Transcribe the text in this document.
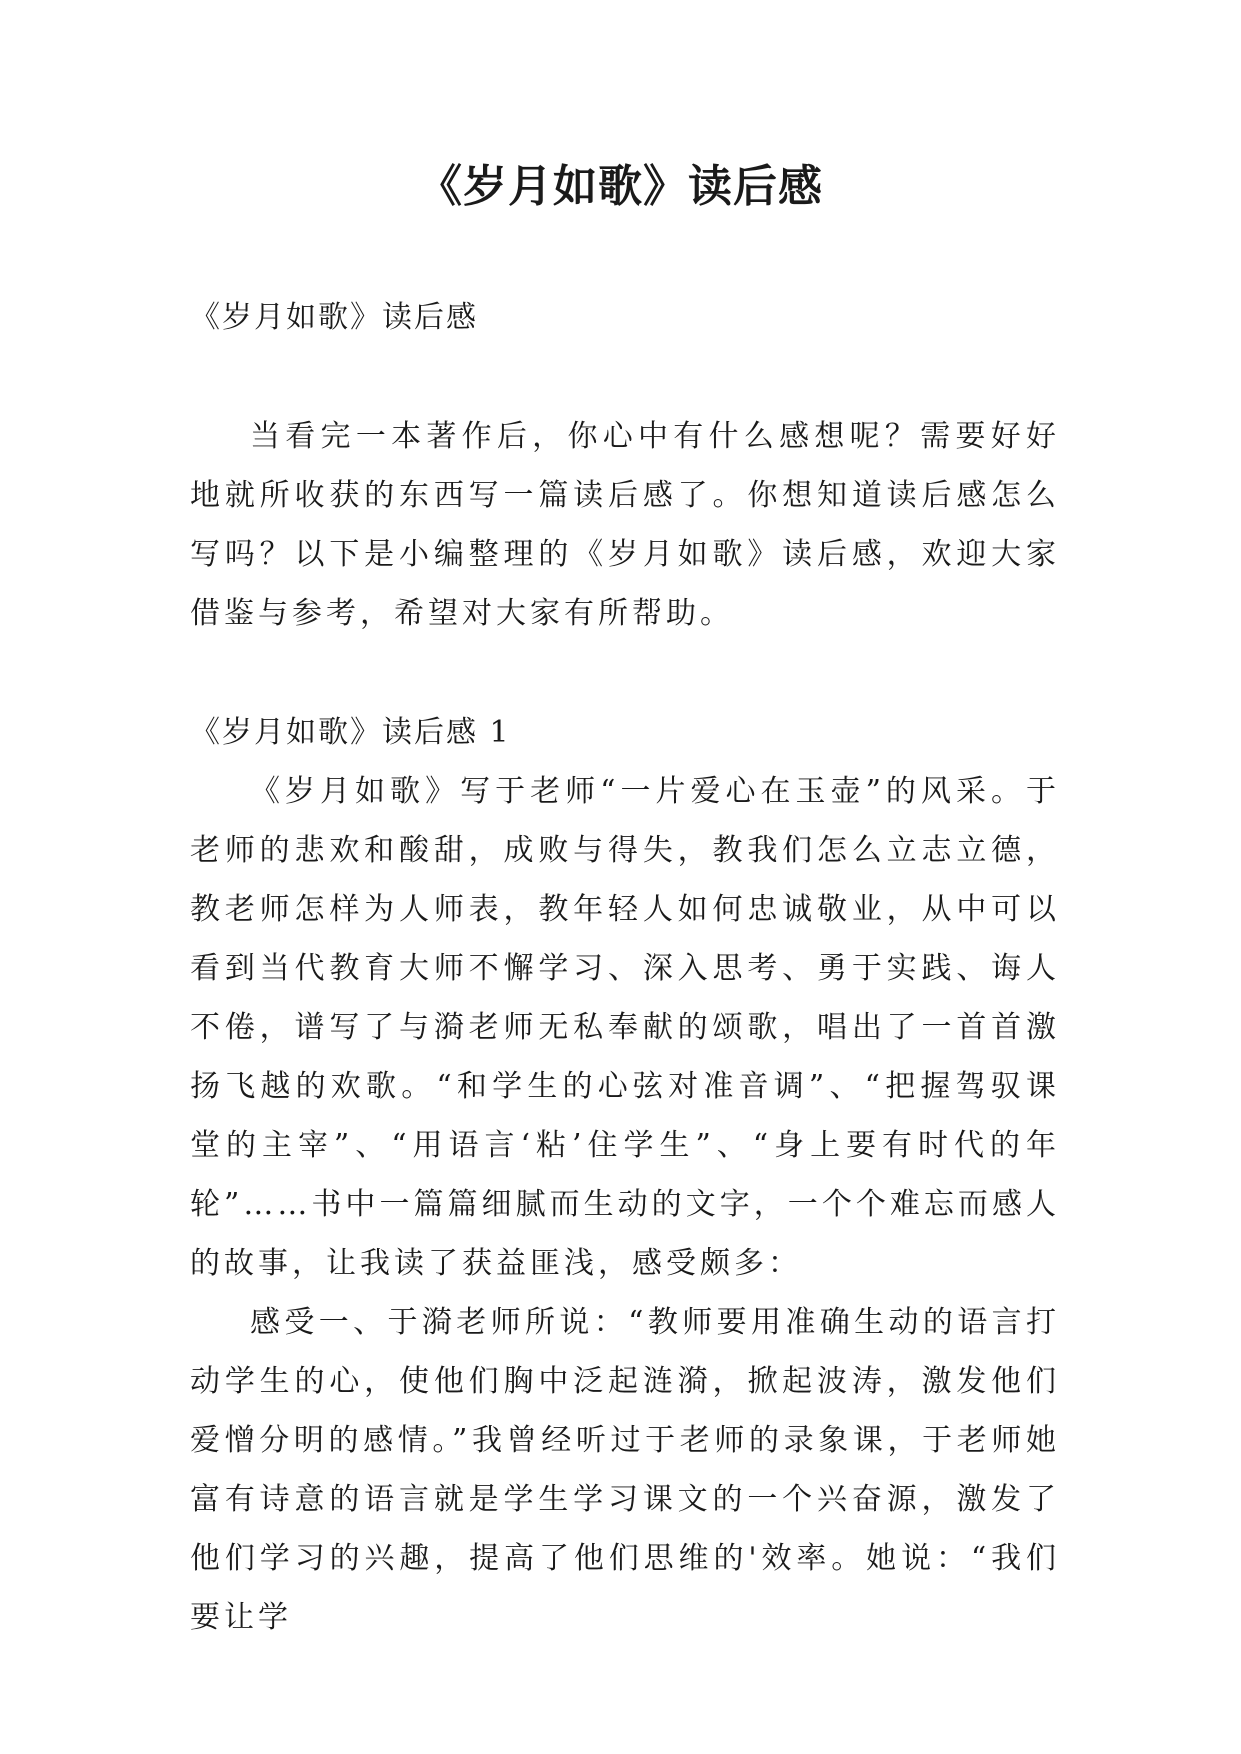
《岁月如歌》读后感

《岁月如歌》读后感

当看完一本著作后，你心中有什么感想呢？需要好好地就所收获的东西写一篇读后感了。你想知道读后感怎么写吗？以下是小编整理的《岁月如歌》读后感，欢迎大家借鉴与参考，希望对大家有所帮助。

《岁月如歌》读后感 1

《岁月如歌》写于老师“一片爱心在玉壶”的风采。于老师的悲欢和酸甜，成败与得失，教我们怎么立志立德，教老师怎样为人师表，教年轻人如何忠诚敬业，从中可以看到当代教育大师不懈学习、深入思考、勇于实践、诲人不倦，谱写了与漪老师无私奉献的颂歌，唱出了一首首激扬飞越的欢歌。“和学生的心弦对准音调”、“把握驾驭课堂的主宰”、“用语言‘粘’住学生”、“身上要有时代的年轮”……书中一篇篇细腻而生动的文字，一个个难忘而感人的故事，让我读了获益匪浅，感受颇多：

感受一、于漪老师所说：“教师要用准确生动的语言打动学生的心，使他们胸中泛起涟漪，掀起波涛，激发他们爱憎分明的感情。”我曾经听过于老师的录象课，于老师她富有诗意的语言就是学生学习课文的一个兴奋源，激发了他们学习的兴趣，提高了他们思维的'效率。她说：“我们要让学
